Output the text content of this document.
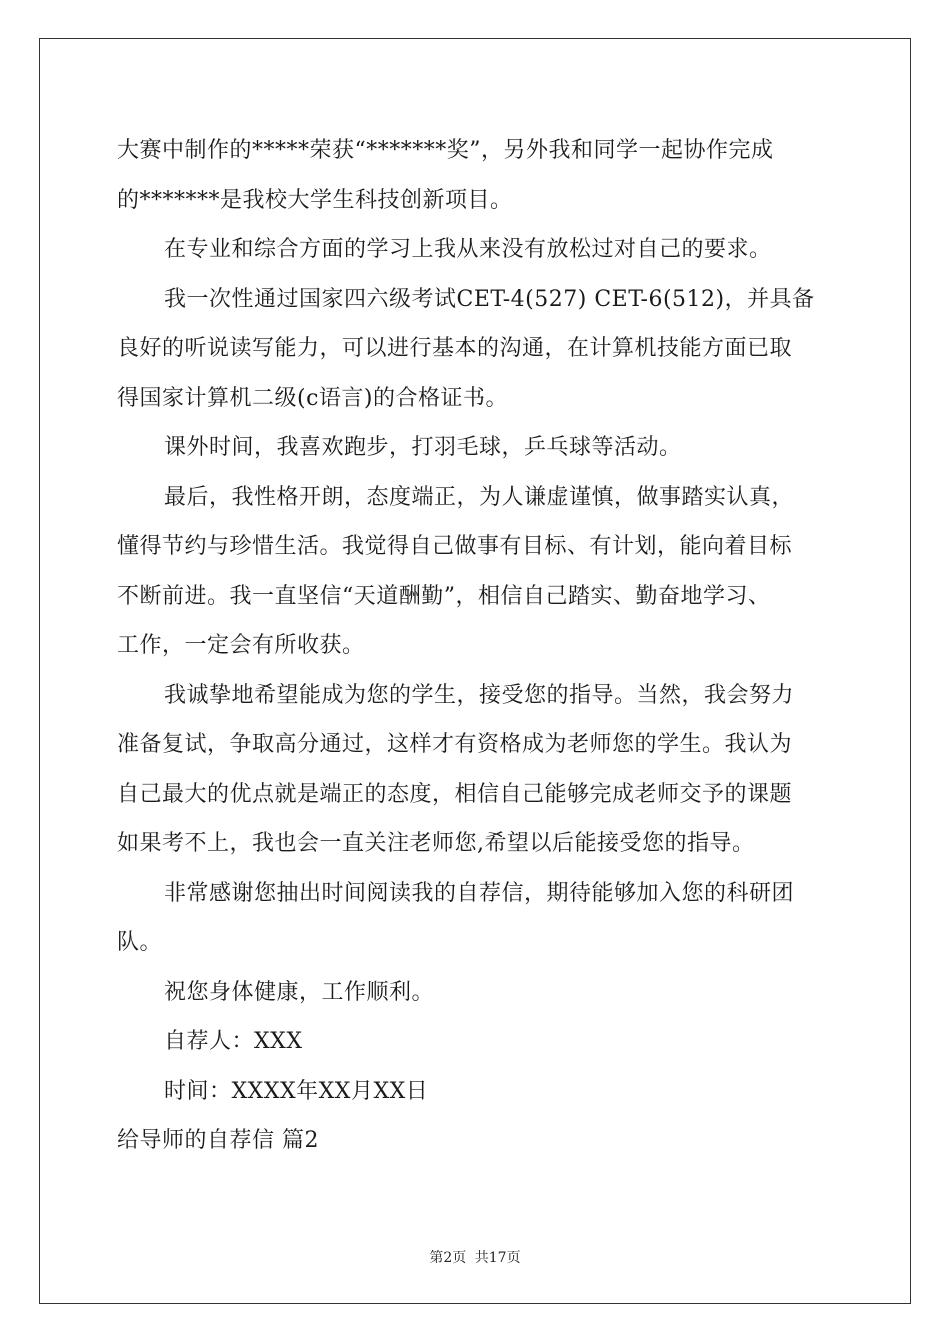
大赛中制作的*****荣获“*******奖”，另外我和同学一起协作完成
的*******是我校大学生科技创新项目。
在专业和综合方面的学习上我从来没有放松过对自己的要求。
我一次性通过国家四六级考试CET-4(527) CET-6(512)，并具备
良好的听说读写能力，可以进行基本的沟通，在计算机技能方面已取
得国家计算机二级(c语言)的合格证书。
课外时间，我喜欢跑步，打羽毛球，乒乓球等活动。
最后，我性格开朗，态度端正，为人谦虚谨慎，做事踏实认真，
懂得节约与珍惜生活。我觉得自己做事有目标、有计划，能向着目标
不断前进。我一直坚信“天道酬勤”，相信自己踏实、勤奋地学习、
工作，一定会有所收获。
我诚挚地希望能成为您的学生，接受您的指导。当然，我会努力
准备复试，争取高分通过，这样才有资格成为老师您的学生。我认为
自己最大的优点就是端正的态度，相信自己能够完成老师交予的课题
如果考不上，我也会一直关注老师您,希望以后能接受您的指导。
非常感谢您抽出时间阅读我的自荐信，期待能够加入您的科研团
队。
祝您身体健康，工作顺利。
自荐人：XXX
时间：XXXX年XX月XX日
给导师的自荐信 篇2
第2页 共17页
